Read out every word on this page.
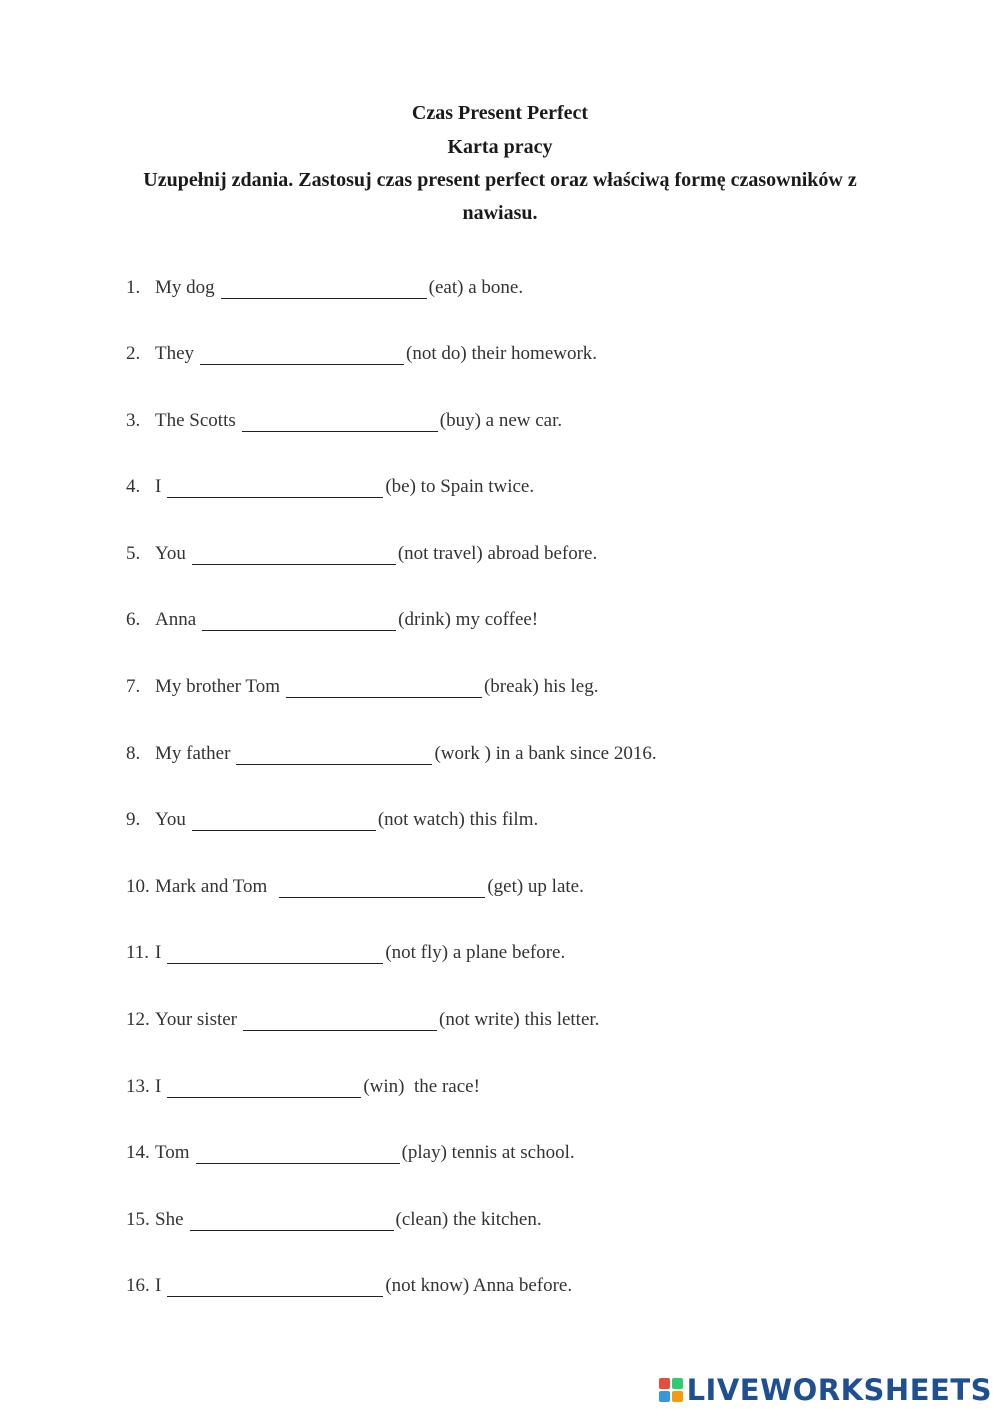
Czas Present Perfect

Karta pracy

Uzupełnij zdania. Zastosuj czas present perfect oraz właściwą formę czasowników z nawiasu.

1. My dog	(eat) a bone.
2. They	(not do) their homework.
3. The Scotts	(buy) a new car.
4. I	(be) to Spain twice.
5. You	(not travel) abroad before.
6. Anna	(drink) my coffee!
7. My brother Tom	(break) his leg.
8. My father	(work ) in a bank since 2016.
9. You	(not watch) this film.
10. Mark and Tom	(get) up late.
11. I	(not fly) a plane before.
12. Your sister	(not write) this letter.
13. I	(win)  the race!
14. Tom	(play) tennis at school.
15. She	(clean) the kitchen.
16. I	(not know) Anna before.
LIVEWORKSHEETS
